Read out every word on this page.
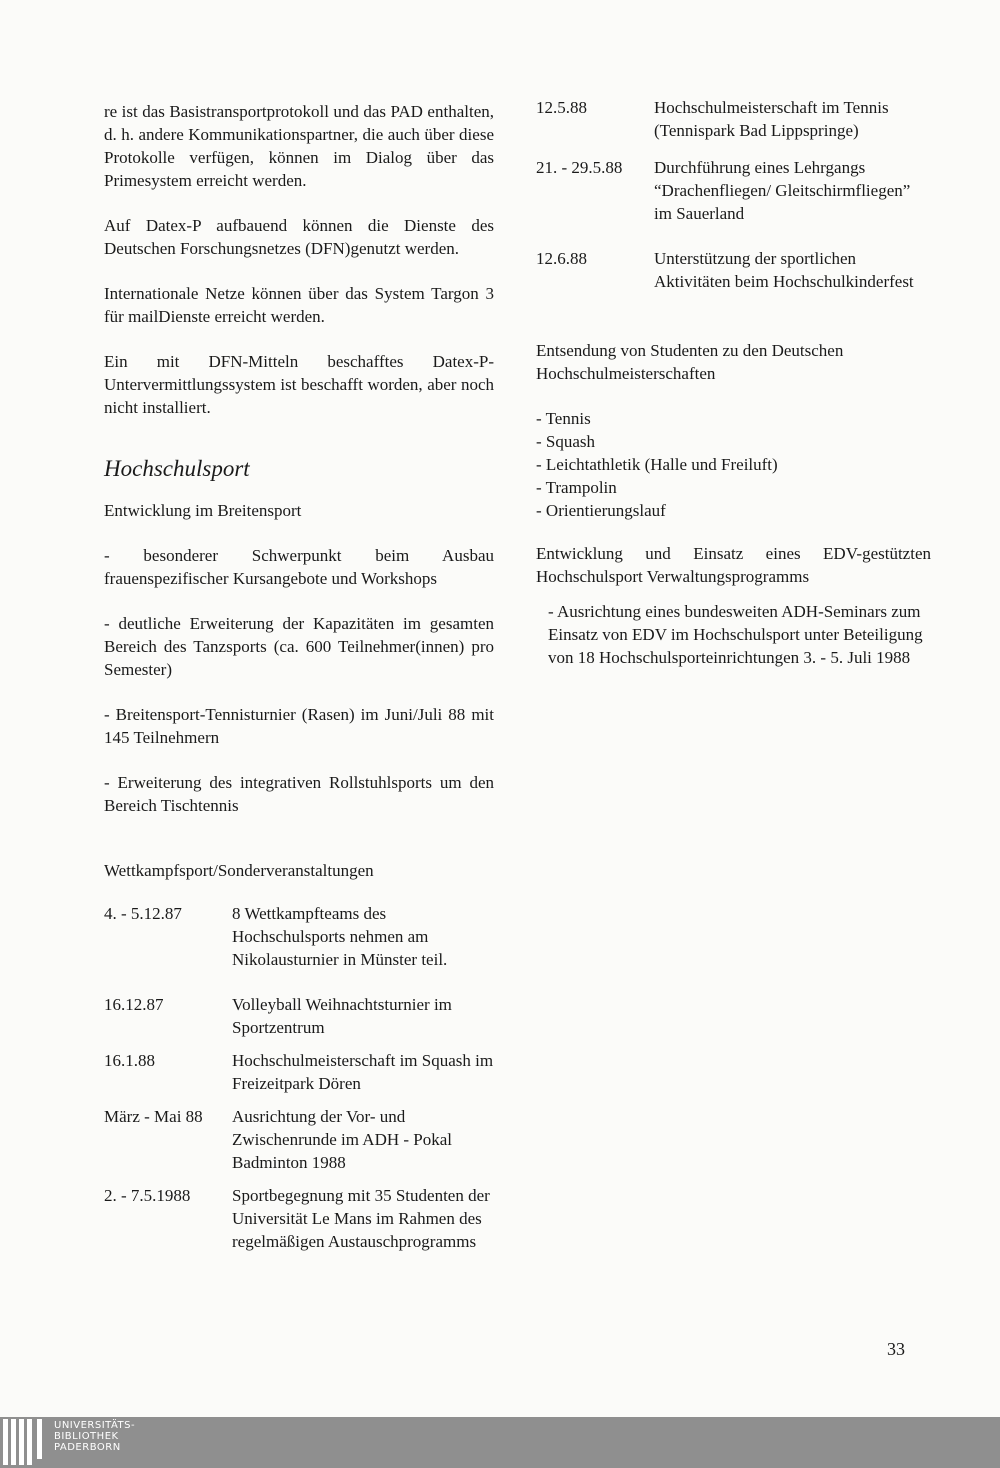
re ist das Basistransportprotokoll und das PAD enthalten, d. h. andere Kommunikationspartner, die auch über diese Protokolle verfügen, können im Dialog über das Primesystem erreicht werden.

Auf Datex-P aufbauend können die Dienste des Deutschen Forschungsnetzes (DFN)genutzt werden.

Internationale Netze können über das System Targon 3 für mailDienste erreicht werden.

Ein mit DFN-Mitteln beschafftes Datex-P-Untervermittlungssystem ist beschafft worden, aber noch nicht installiert.

Hochschulsport

Entwicklung im Breitensport

- besonderer Schwerpunkt beim Ausbau frauenspezifischer Kursangebote und Workshops

- deutliche Erweiterung der Kapazitäten im gesamten Bereich des Tanzsports (ca. 600 Teilnehmer(innen) pro Semester)

- Breitensport-Tennisturnier (Rasen) im Juni/Juli 88 mit 145 Teilnehmern

- Erweiterung des integrativen Rollstuhlsports um den Bereich Tischtennis

Wettkampfsport/Sonderveranstaltungen

4. - 5.12.87	8 Wettkampfteams des Hochschulsports nehmen am Nikolausturnier in Münster teil.
16.12.87	Volleyball Weihnachtsturnier im Sportzentrum
16.1.88	Hochschulmeisterschaft im Squash im Freizeitpark Dören
März - Mai 88	Ausrichtung der Vor- und Zwischenrunde im ADH - Pokal Badminton 1988
2. - 7.5.1988	Sportbegegnung mit 35 Studenten der Universität Le Mans im Rahmen des regelmäßigen Austauschprogramms
12.5.88	Hochschulmeisterschaft im Tennis (Tennispark Bad Lippspringe)
21. - 29.5.88	Durchführung eines Lehrgangs “Drachenfliegen/ Gleitschirmfliegen” im Sauerland
12.6.88	Unterstützung der sportlichen Aktivitäten beim Hochschulkinderfest

Entsendung von Studenten zu den Deutschen Hochschulmeisterschaften

- Tennis
- Squash
- Leichtathletik (Halle und Freiluft)
- Trampolin
- Orientierungslauf

Entwicklung und Einsatz eines EDV-gestützten Hochschulsport Verwaltungsprogramms

- Ausrichtung eines bundesweiten ADH-Seminars zum Einsatz von EDV im Hochschulsport unter Beteiligung von 18 Hochschulsporteinrichtungen 3. - 5. Juli 1988

33
UNIVERSITÄTS-
BIBLIOTHEK
PADERBORN
